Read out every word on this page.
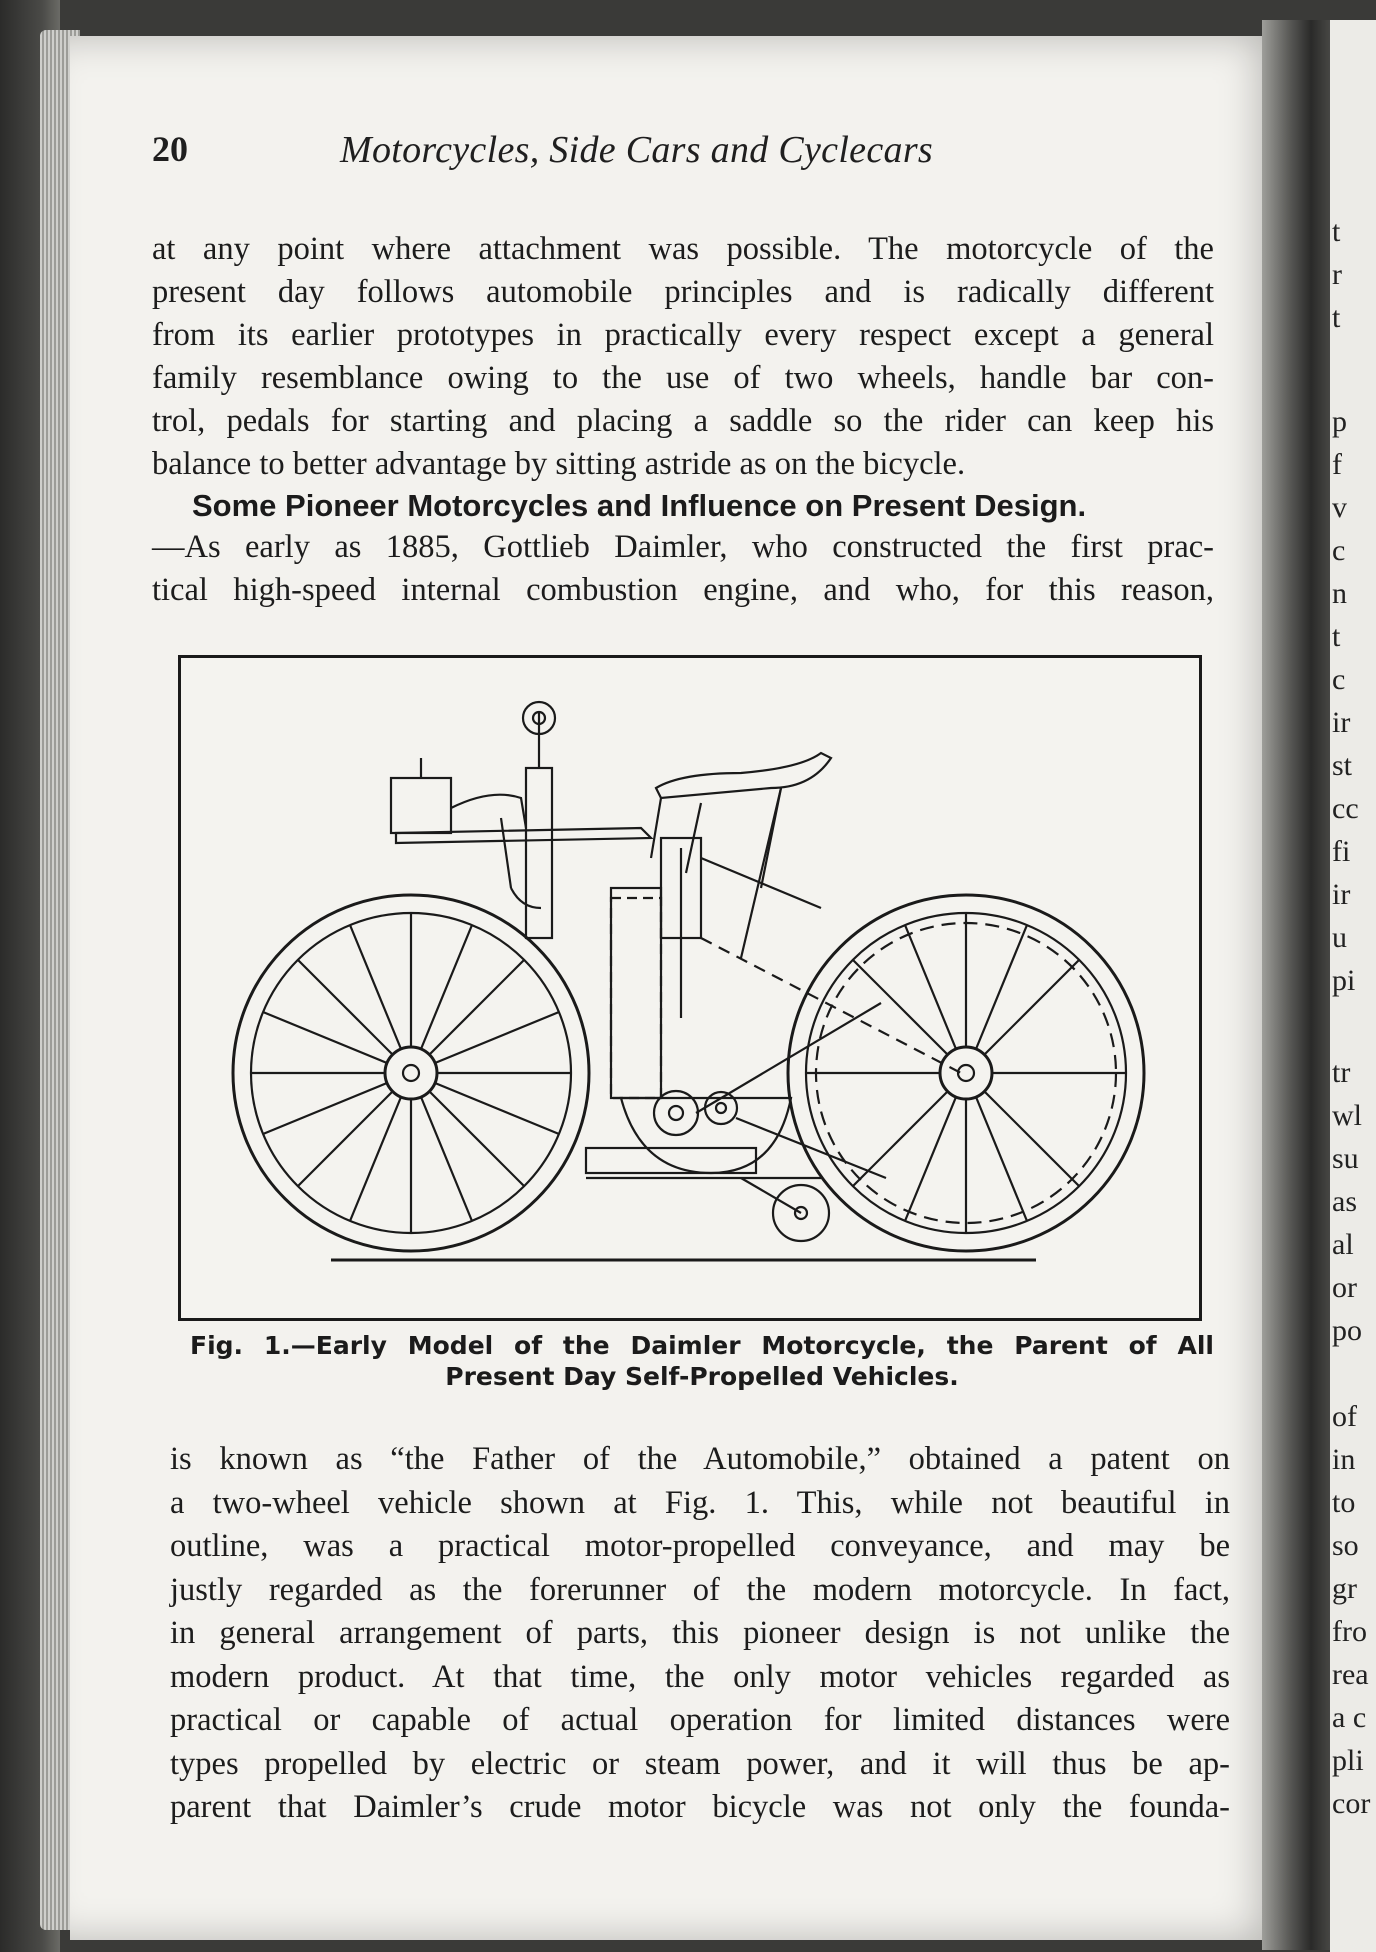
20	Motorcycles, Side Cars and Cyclecars
at any point where attachment was possible. The motorcycle of the
present day follows automobile principles and is radically different
from its earlier prototypes in practically every respect except a general
family resemblance owing to the use of two wheels, handle bar con-
trol, pedals for starting and placing a saddle so the rider can keep his
balance to better advantage by sitting astride as on the bicycle.
Some Pioneer Motorcycles and Influence on Present Design.
—As early as 1885, Gottlieb Daimler, who constructed the first prac-
tical high-speed internal combustion engine, and who, for this reason,
Fig. 1.—Early Model of the Daimler Motorcycle, the Parent of All
Present Day Self-Propelled Vehicles.
is known as “the Father of the Automobile,” obtained a patent on
a two-wheel vehicle shown at Fig. 1. This, while not beautiful in
outline, was a practical motor-propelled conveyance, and may be
justly regarded as the forerunner of the modern motorcycle. In fact,
in general arrangement of parts, this pioneer design is not unlike the
modern product. At that time, the only motor vehicles regarded as
practical or capable of actual operation for limited distances were
types propelled by electric or steam power, and it will thus be ap-
parent that Daimler’s crude motor bicycle was not only the founda-
t
r
t
p
f
v
c
n
t
c
ir
st
cc
fi
ir
u
pi
tr
wl
su
as
al
or
po
of
in
to
so
gr
fro
rea
a c
pli
cor
